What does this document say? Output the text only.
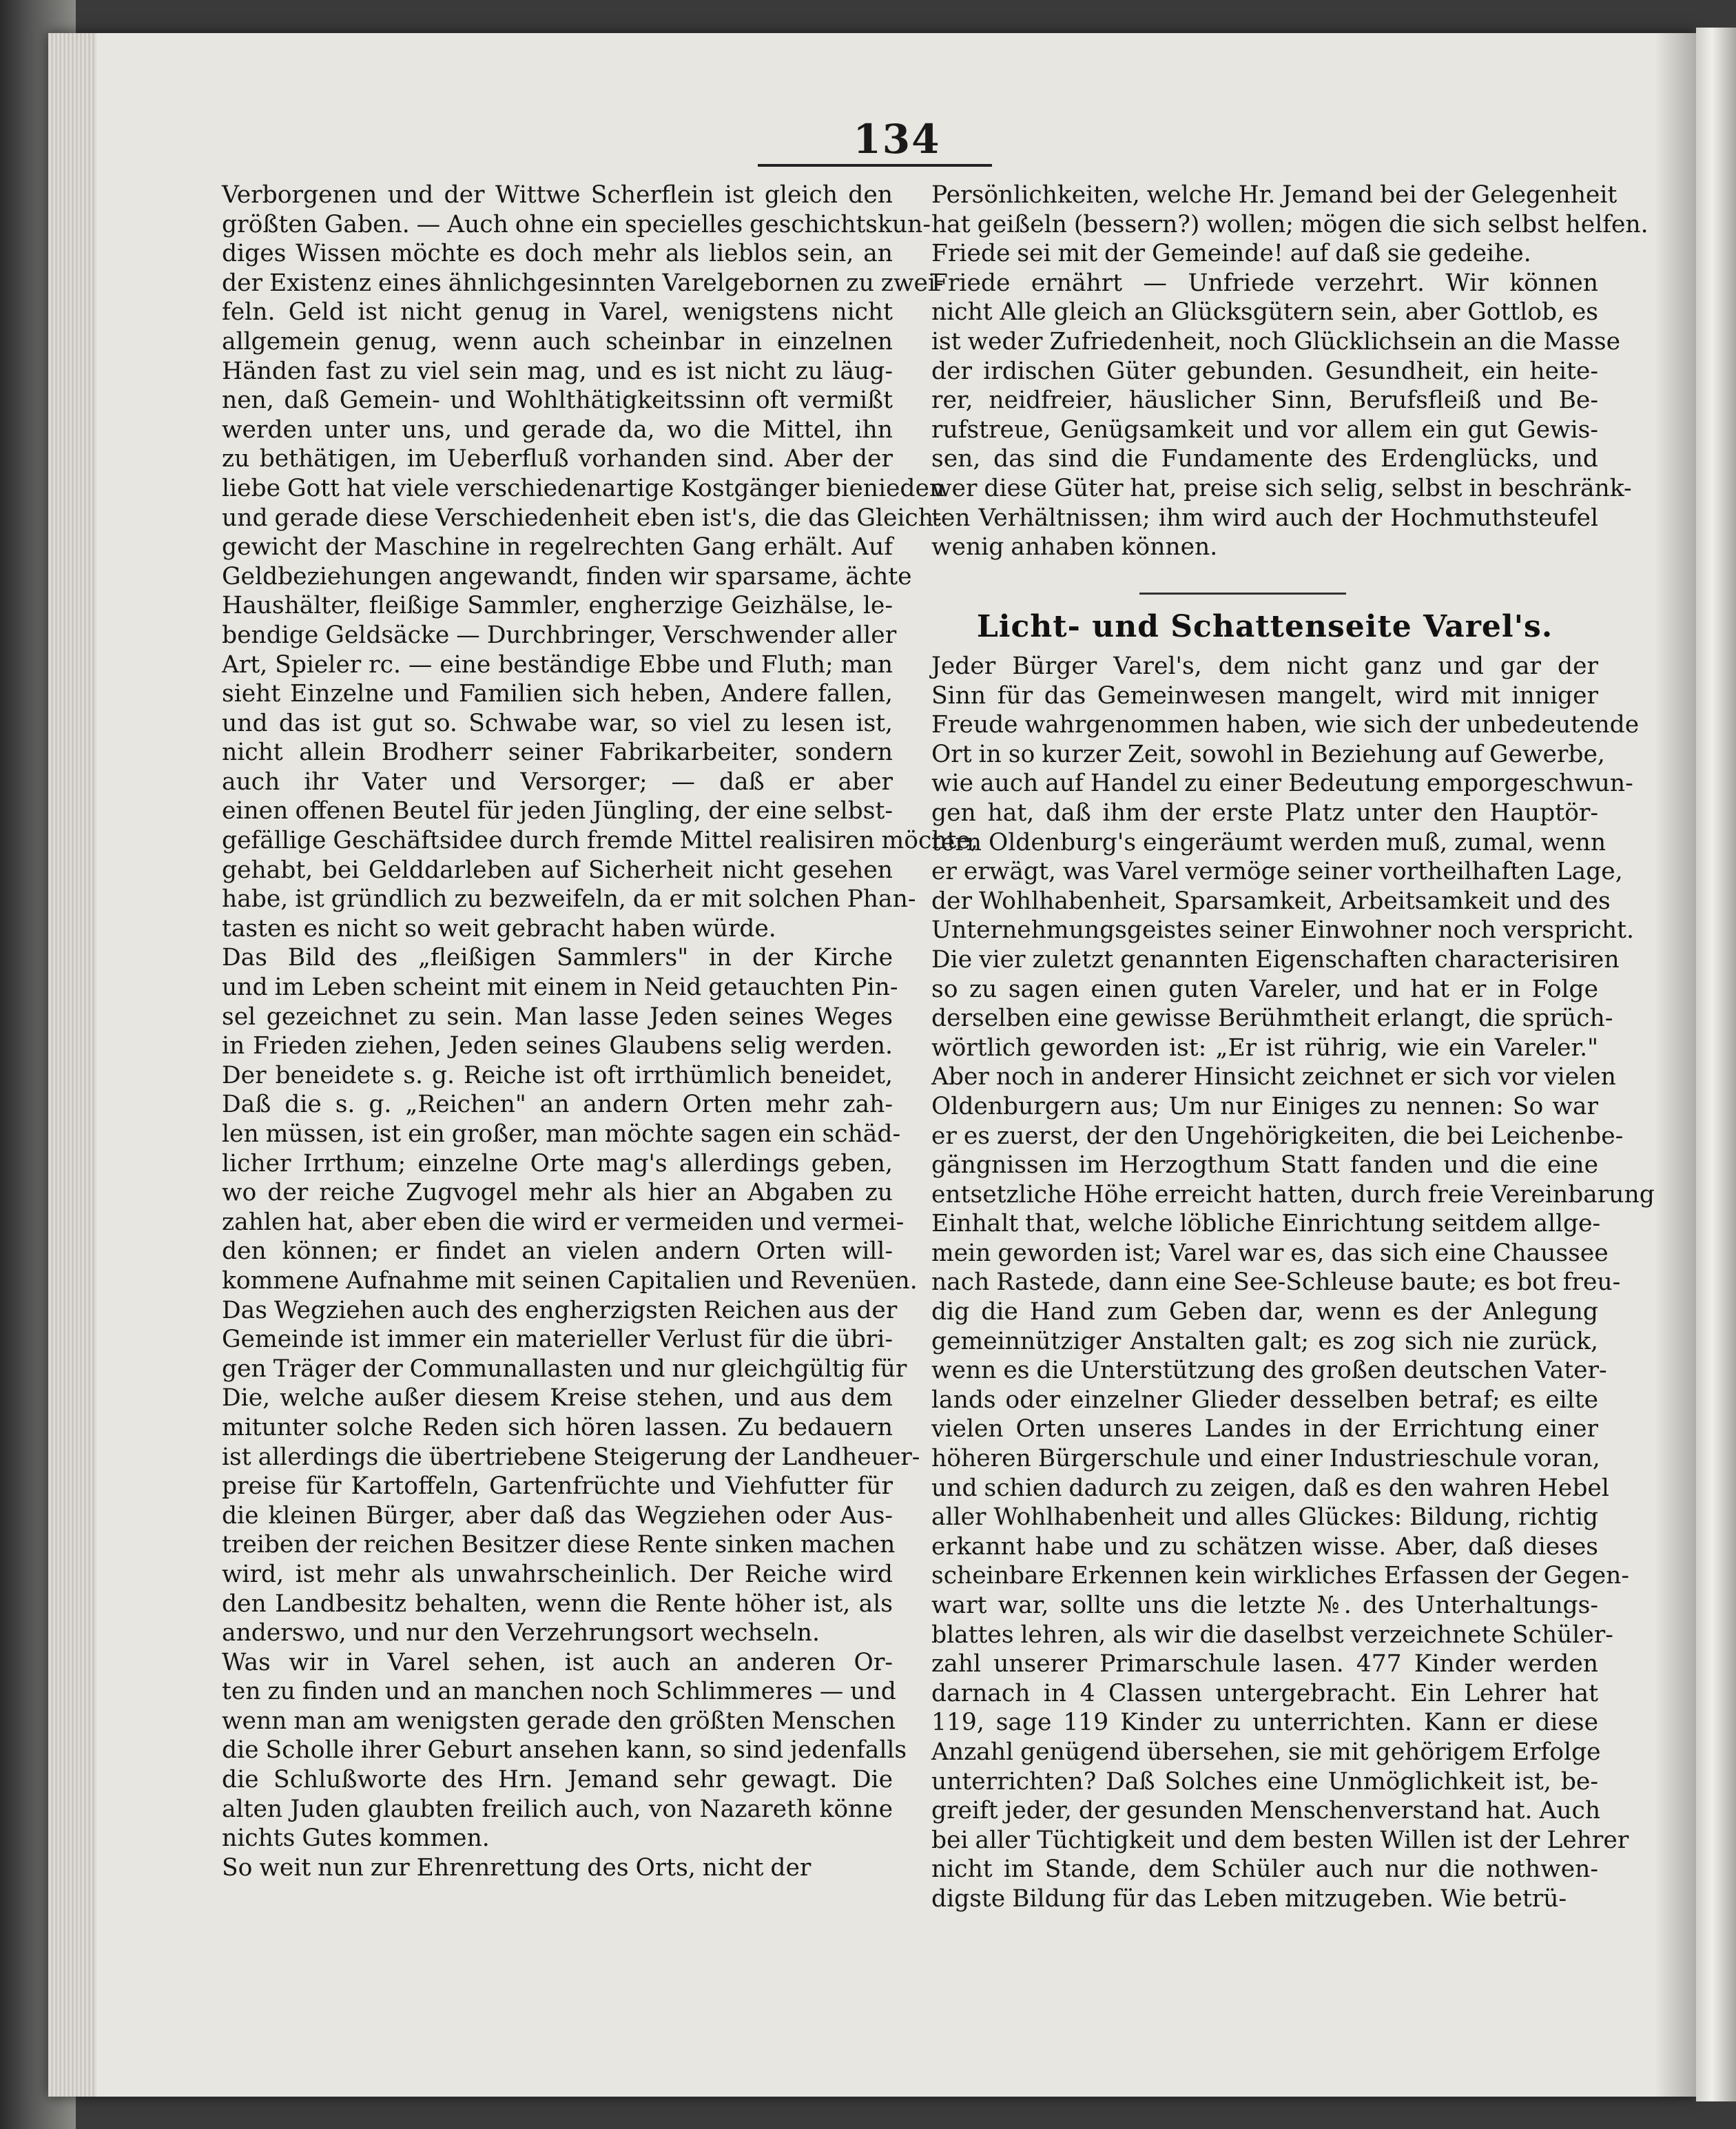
134
Verborgenen und der Wittwe Scherflein ist gleich den
größten Gaben. — Auch ohne ein specielles geschichtskun-
diges Wissen möchte es doch mehr als lieblos sein, an
der Existenz eines ähnlichgesinnten Varelgebornen zu zwei-
feln. Geld ist nicht genug in Varel, wenigstens nicht
allgemein genug, wenn auch scheinbar in einzelnen
Händen fast zu viel sein mag, und es ist nicht zu läug-
nen, daß Gemein- und Wohlthätigkeitssinn oft vermißt
werden unter uns, und gerade da, wo die Mittel, ihn
zu bethätigen, im Ueberfluß vorhanden sind. Aber der
liebe Gott hat viele verschiedenartige Kostgänger bienieden
und gerade diese Verschiedenheit eben ist's, die das Gleich-
gewicht der Maschine in regelrechten Gang erhält. Auf
Geldbeziehungen angewandt, finden wir sparsame, ächte
Haushälter, fleißige Sammler, engherzige Geizhälse, le-
bendige Geldsäcke — Durchbringer, Verschwender aller
Art, Spieler rc. — eine beständige Ebbe und Fluth; man
sieht Einzelne und Familien sich heben, Andere fallen,
und das ist gut so. Schwabe war, so viel zu lesen ist,
nicht allein Brodherr seiner Fabrikarbeiter, sondern
auch ihr Vater und Versorger; — daß er aber
einen offenen Beutel für jeden Jüngling, der eine selbst-
gefällige Geschäftsidee durch fremde Mittel realisiren möchte,
gehabt, bei Gelddarleben auf Sicherheit nicht gesehen
habe, ist gründlich zu bezweifeln, da er mit solchen Phan-
tasten es nicht so weit gebracht haben würde.
Das Bild des „fleißigen Sammlers" in der Kirche
und im Leben scheint mit einem in Neid getauchten Pin-
sel gezeichnet zu sein. Man lasse Jeden seines Weges
in Frieden ziehen, Jeden seines Glaubens selig werden.
Der beneidete s. g. Reiche ist oft irrthümlich beneidet,
Daß die s. g. „Reichen" an andern Orten mehr zah-
len müssen, ist ein großer, man möchte sagen ein schäd-
licher Irrthum; einzelne Orte mag's allerdings geben,
wo der reiche Zugvogel mehr als hier an Abgaben zu
zahlen hat, aber eben die wird er vermeiden und vermei-
den können; er findet an vielen andern Orten will-
kommene Aufnahme mit seinen Capitalien und Revenüen.
Das Wegziehen auch des engherzigsten Reichen aus der
Gemeinde ist immer ein materieller Verlust für die übri-
gen Träger der Communallasten und nur gleichgültig für
Die, welche außer diesem Kreise stehen, und aus dem
mitunter solche Reden sich hören lassen. Zu bedauern
ist allerdings die übertriebene Steigerung der Landheuer-
preise für Kartoffeln, Gartenfrüchte und Viehfutter für
die kleinen Bürger, aber daß das Wegziehen oder Aus-
treiben der reichen Besitzer diese Rente sinken machen
wird, ist mehr als unwahrscheinlich. Der Reiche wird
den Landbesitz behalten, wenn die Rente höher ist, als
anderswo, und nur den Verzehrungsort wechseln.
Was wir in Varel sehen, ist auch an anderen Or-
ten zu finden und an manchen noch Schlimmeres — und
wenn man am wenigsten gerade den größten Menschen
die Scholle ihrer Geburt ansehen kann, so sind jedenfalls
die Schlußworte des Hrn. Jemand sehr gewagt. Die
alten Juden glaubten freilich auch, von Nazareth könne
nichts Gutes kommen.
So weit nun zur Ehrenrettung des Orts, nicht der
Persönlichkeiten, welche Hr. Jemand bei der Gelegenheit
hat geißeln (bessern?) wollen; mögen die sich selbst helfen.
Friede sei mit der Gemeinde! auf daß sie gedeihe.
Friede ernährt — Unfriede verzehrt. Wir können
nicht Alle gleich an Glücksgütern sein, aber Gottlob, es
ist weder Zufriedenheit, noch Glücklichsein an die Masse
der irdischen Güter gebunden. Gesundheit, ein heite-
rer, neidfreier, häuslicher Sinn, Berufsfleiß und Be-
rufstreue, Genügsamkeit und vor allem ein gut Gewis-
sen, das sind die Fundamente des Erdenglücks, und
wer diese Güter hat, preise sich selig, selbst in beschränk-
ten Verhältnissen; ihm wird auch der Hochmuthsteufel
wenig anhaben können.
Licht- und Schattenseite Varel's.
Jeder Bürger Varel's, dem nicht ganz und gar der
Sinn für das Gemeinwesen mangelt, wird mit inniger
Freude wahrgenommen haben, wie sich der unbedeutende
Ort in so kurzer Zeit, sowohl in Beziehung auf Gewerbe,
wie auch auf Handel zu einer Bedeutung emporgeschwun-
gen hat, daß ihm der erste Platz unter den Hauptör-
tern Oldenburg's eingeräumt werden muß, zumal, wenn
er erwägt, was Varel vermöge seiner vortheilhaften Lage,
der Wohlhabenheit, Sparsamkeit, Arbeitsamkeit und des
Unternehmungsgeistes seiner Einwohner noch verspricht.
Die vier zuletzt genannten Eigenschaften characterisiren
so zu sagen einen guten Vareler, und hat er in Folge
derselben eine gewisse Berühmtheit erlangt, die sprüch-
wörtlich geworden ist: „Er ist rührig, wie ein Vareler."
Aber noch in anderer Hinsicht zeichnet er sich vor vielen
Oldenburgern aus; Um nur Einiges zu nennen: So war
er es zuerst, der den Ungehörigkeiten, die bei Leichenbe-
gängnissen im Herzogthum Statt fanden und die eine
entsetzliche Höhe erreicht hatten, durch freie Vereinbarung
Einhalt that, welche löbliche Einrichtung seitdem allge-
mein geworden ist; Varel war es, das sich eine Chaussee
nach Rastede, dann eine See-Schleuse baute; es bot freu-
dig die Hand zum Geben dar, wenn es der Anlegung
gemeinnütziger Anstalten galt; es zog sich nie zurück,
wenn es die Unterstützung des großen deutschen Vater-
lands oder einzelner Glieder desselben betraf; es eilte
vielen Orten unseres Landes in der Errichtung einer
höheren Bürgerschule und einer Industrieschule voran,
und schien dadurch zu zeigen, daß es den wahren Hebel
aller Wohlhabenheit und alles Glückes: Bildung, richtig
erkannt habe und zu schätzen wisse. Aber, daß dieses
scheinbare Erkennen kein wirkliches Erfassen der Gegen-
wart war, sollte uns die letzte №. des Unterhaltungs-
blattes lehren, als wir die daselbst verzeichnete Schüler-
zahl unserer Primarschule lasen. 477 Kinder werden
darnach in 4 Classen untergebracht. Ein Lehrer hat
119, sage 119 Kinder zu unterrichten. Kann er diese
Anzahl genügend übersehen, sie mit gehörigem Erfolge
unterrichten? Daß Solches eine Unmöglichkeit ist, be-
greift jeder, der gesunden Menschenverstand hat. Auch
bei aller Tüchtigkeit und dem besten Willen ist der Lehrer
nicht im Stande, dem Schüler auch nur die nothwen-
digste Bildung für das Leben mitzugeben. Wie betrü-
